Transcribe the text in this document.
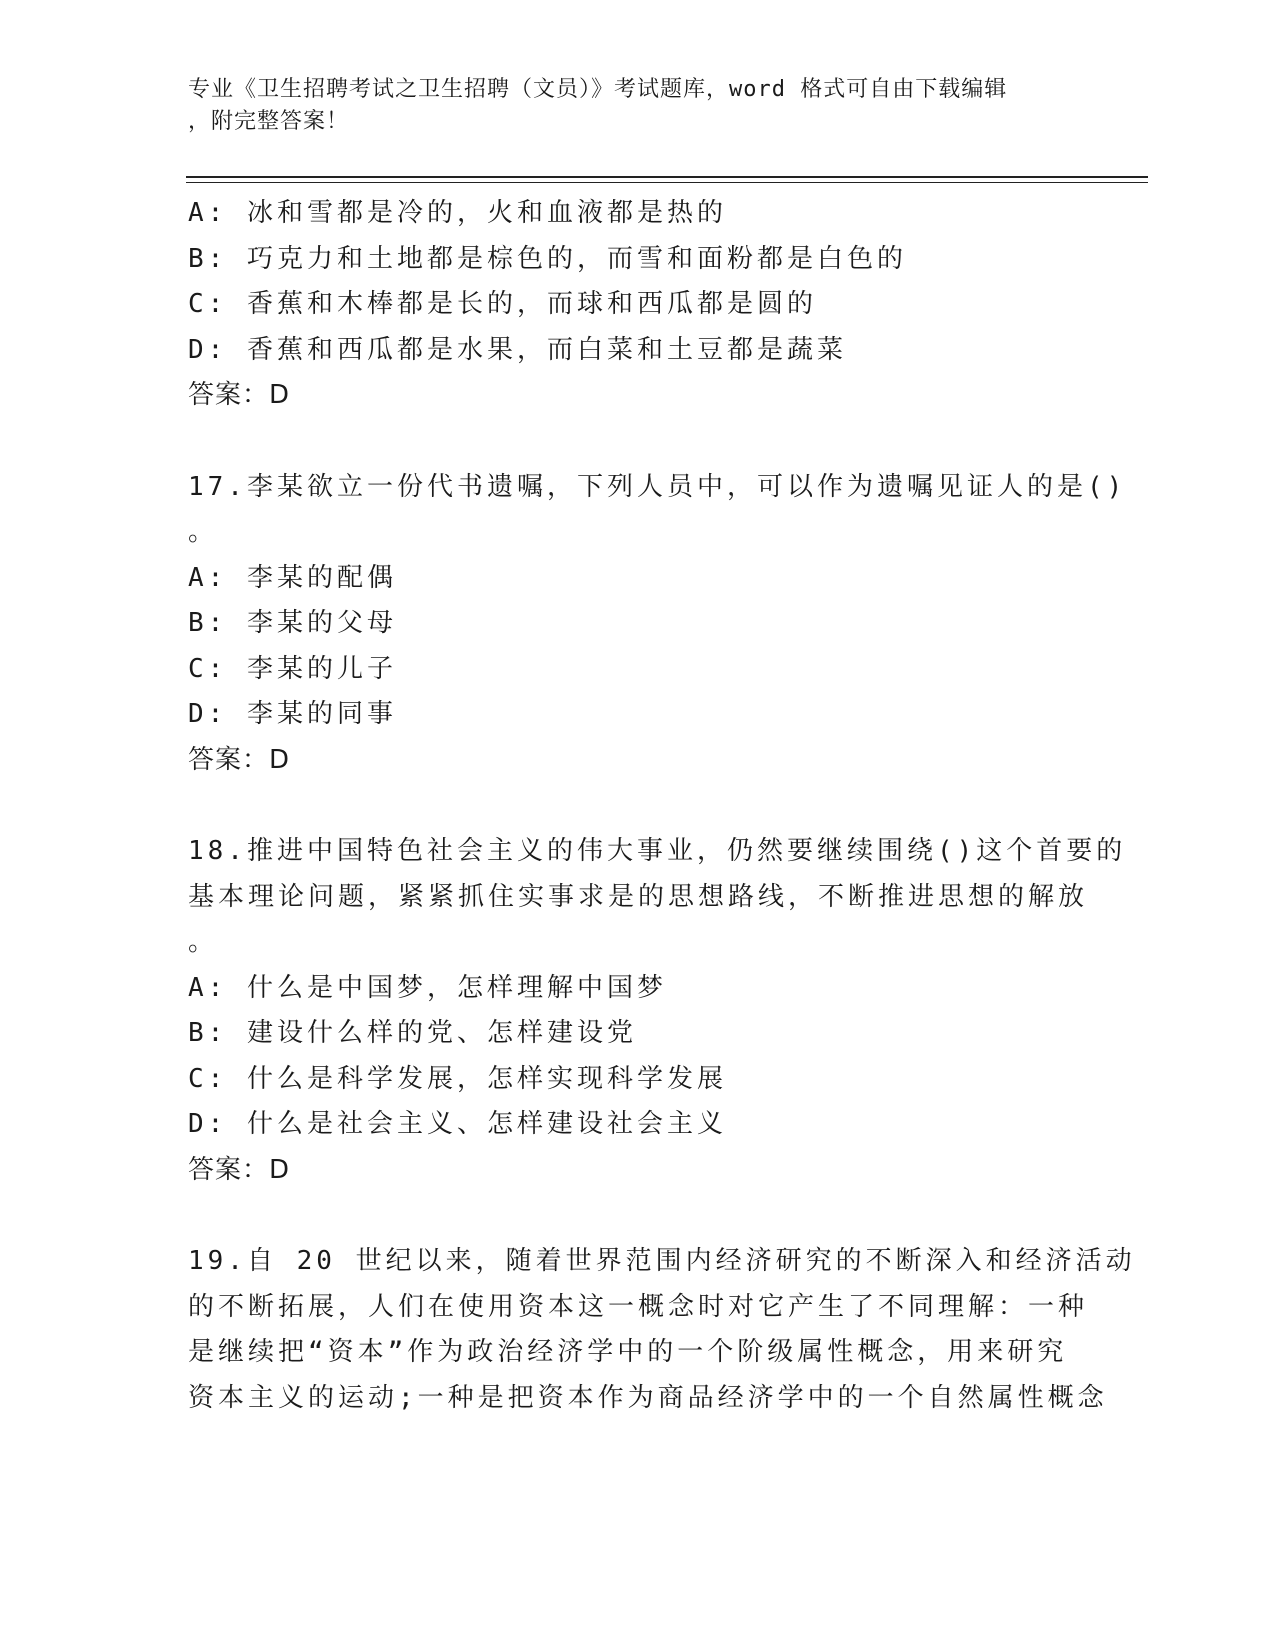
专业《卫生招聘考试之卫生招聘（文员）》考试题库，word 格式可自由下载编辑
，附完整答案！
A: 冰和雪都是冷的，火和血液都是热的
B: 巧克力和土地都是棕色的，而雪和面粉都是白色的
C: 香蕉和木棒都是长的，而球和西瓜都是圆的
D: 香蕉和西瓜都是水果，而白菜和土豆都是蔬菜
答案：D
17.李某欲立一份代书遗嘱，下列人员中，可以作为遗嘱见证人的是()
。
A: 李某的配偶
B: 李某的父母
C: 李某的儿子
D: 李某的同事
答案：D
18.推进中国特色社会主义的伟大事业，仍然要继续围绕()这个首要的
基本理论问题，紧紧抓住实事求是的思想路线，不断推进思想的解放
。
A: 什么是中国梦，怎样理解中国梦
B: 建设什么样的党、怎样建设党
C: 什么是科学发展，怎样实现科学发展
D: 什么是社会主义、怎样建设社会主义
答案：D
19.自 20 世纪以来，随着世界范围内经济研究的不断深入和经济活动
的不断拓展，人们在使用资本这一概念时对它产生了不同理解：一种
是继续把“资本”作为政治经济学中的一个阶级属性概念，用来研究
资本主义的运动;一种是把资本作为商品经济学中的一个自然属性概念
